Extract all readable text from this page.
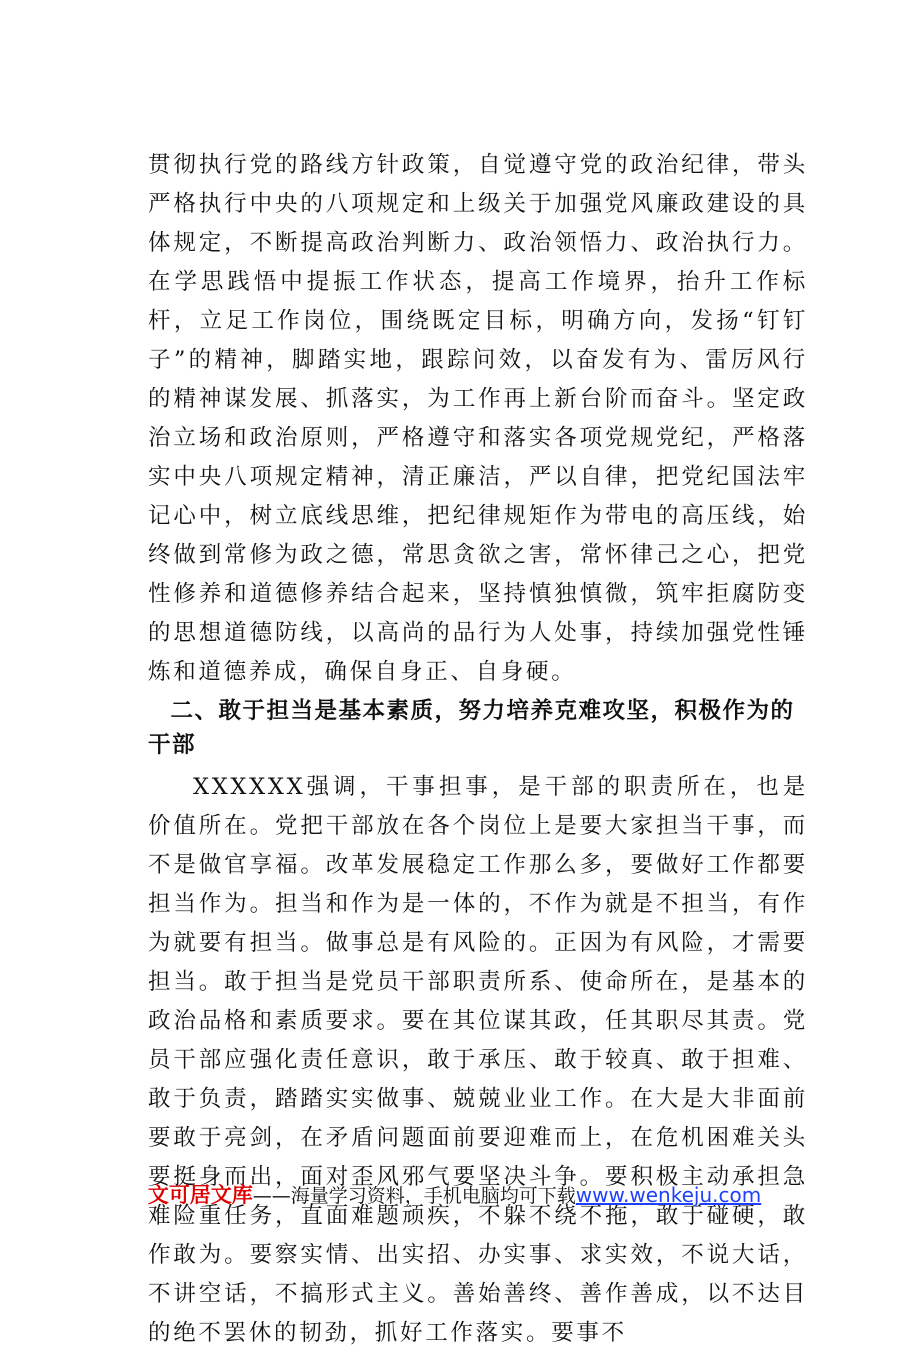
贯彻执行党的路线方针政策，自觉遵守党的政治纪律，带头严格执行中央的八项规定和上级关于加强党风廉政建设的具体规定，不断提高政治判断力、政治领悟力、政治执行力。在学思践悟中提振工作状态，提高工作境界，抬升工作标杆，立足工作岗位，围绕既定目标，明确方向，发扬“钉钉子”的精神，脚踏实地，跟踪问效，以奋发有为、雷厉风行的精神谋发展、抓落实，为工作再上新台阶而奋斗。坚定政治立场和政治原则，严格遵守和落实各项党规党纪，严格落实中央八项规定精神，清正廉洁，严以自律，把党纪国法牢记心中，树立底线思维，把纪律规矩作为带电的高压线，始终做到常修为政之德，常思贪欲之害，常怀律己之心，把党性修养和道德修养结合起来，坚持慎独慎微，筑牢拒腐防变的思想道德防线，以高尚的品行为人处事，持续加强党性锤炼和道德养成，确保自身正、自身硬。

二、敢于担当是基本素质，努力培养克难攻坚，积极作为的干部

XXXXXX强调，干事担事，是干部的职责所在，也是价值所在。党把干部放在各个岗位上是要大家担当干事，而不是做官享福。改革发展稳定工作那么多，要做好工作都要担当作为。担当和作为是一体的，不作为就是不担当，有作为就要有担当。做事总是有风险的。正因为有风险，才需要担当。敢于担当是党员干部职责所系、使命所在，是基本的政治品格和素质要求。要在其位谋其政，任其职尽其责。党员干部应强化责任意识，敢于承压、敢于较真、敢于担难、敢于负责，踏踏实实做事、兢兢业业工作。在大是大非面前要敢于亮剑，在矛盾问题面前要迎难而上，在危机困难关头要挺身而出，面对歪风邪气要坚决斗争。要积极主动承担急难险重任务，直面难题顽疾，不躲不绕不拖，敢于碰硬，敢作敢为。要察实情、出实招、办实事、求实效，不说大话，不讲空话，不搞形式主义。善始善终、善作善成，以不达目的绝不罢休的韧劲，抓好工作落实。要事不

文可居文库——海量学习资料，手机电脑均可下载www.wenkeju.com
